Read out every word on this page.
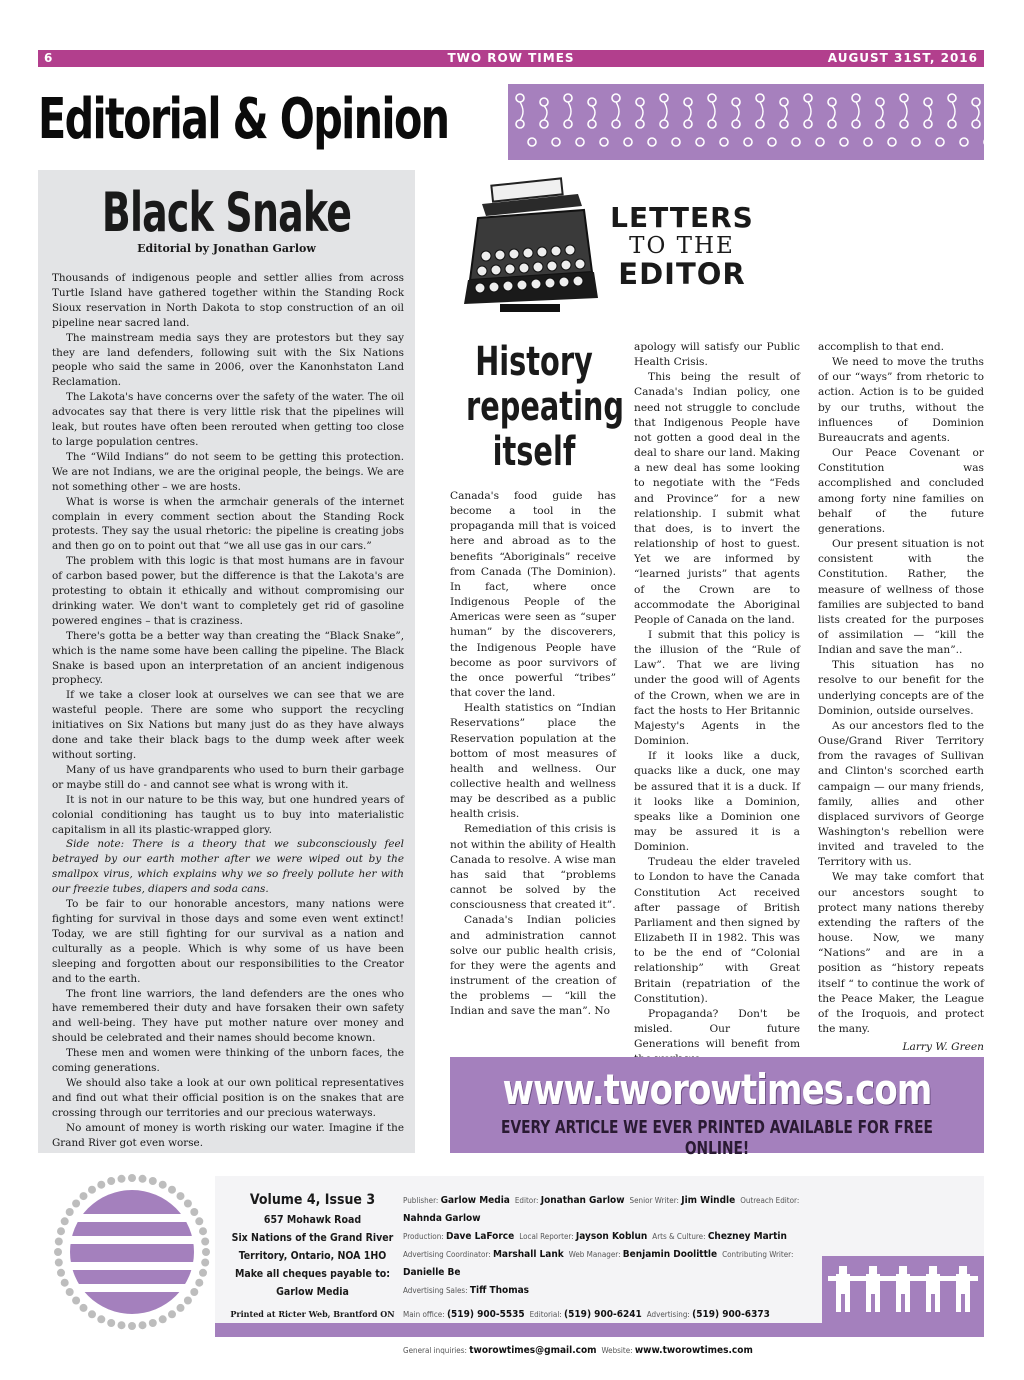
6	TWO ROW TIMES	AUGUST 31ST, 2016
Editorial & Opinion
Black Snake
Editorial by Jonathan Garlow

Thousands of indigenous people and settler allies from across Turtle Island have gathered together within the Standing Rock Sioux reservation in North Dakota to stop construction of an oil pipeline near sacred land.

The mainstream media says they are protestors but they say they are land defenders, following suit with the Six Nations people who said the same in 2006, over the Kanonhstaton Land Reclamation.

The Lakota's have concerns over the safety of the water. The oil advocates say that there is very little risk that the pipelines will leak, but routes have often been rerouted when getting too close to large population centres.

The “Wild Indians” do not seem to be getting this protection. We are not Indians, we are the original people, the beings. We are not something other – we are hosts.

What is worse is when the armchair generals of the internet complain in every comment section about the Standing Rock protests. They say the usual rhetoric: the pipeline is creating jobs and then go on to point out that “we all use gas in our cars.”

The problem with this logic is that most humans are in favour of carbon based power, but the difference is that the Lakota's are protesting to obtain it ethically and without compromising our drinking water. We don't want to completely get rid of gasoline powered engines – that is craziness.

There's gotta be a better way than creating the “Black Snake”, which is the name some have been calling the pipeline. The Black Snake is based upon an interpretation of an ancient indigenous prophecy.

If we take a closer look at ourselves we can see that we are wasteful people. There are some who support the recycling initiatives on Six Nations but many just do as they have always done and take their black bags to the dump week after week without sorting.

Many of us have grandparents who used to burn their garbage or maybe still do - and cannot see what is wrong with it.

It is not in our nature to be this way, but one hundred years of colonial conditioning has taught us to buy into materialistic capitalism in all its plastic-wrapped glory.

Side note: There is a theory that we subconsciously feel betrayed by our earth mother after we were wiped out by the smallpox virus, which explains why we so freely pollute her with our freezie tubes, diapers and soda cans.

To be fair to our honorable ancestors, many nations were fighting for survival in those days and some even went extinct! Today, we are still fighting for our survival as a nation and culturally as a people. Which is why some of us have been sleeping and forgotten about our responsibilities to the Creator and to the earth.

The front line warriors, the land defenders are the ones who have remembered their duty and have forsaken their own safety and well-being. They have put mother nature over money and should be celebrated and their names should become known.

These men and women were thinking of the unborn faces, the coming generations.

We should also take a look at our own political representatives and find out what their official position is on the snakes that are crossing through our territories and our precious waterways.

No amount of money is worth risking our water. Imagine if the Grand River got even worse.

LETTERS
TO THE
EDITOR
History repeating itself

Canada's food guide has become a tool in the propaganda mill that is voiced here and abroad as to the benefits “Aboriginals” receive from Canada (The Dominion). In fact, where once Indigenous People of the Americas were seen as “super human” by the discoverers, the Indigenous People have become as poor survivors of the once powerful “tribes” that cover the land.

Health statistics on “Indian Reservations” place the Reservation population at the bottom of most measures of health and wellness. Our collective health and wellness may be described as a public health crisis.

Remediation of this crisis is not within the ability of Health Canada to resolve. A wise man has said that “problems cannot be solved by the consciousness that created it”.

Canada's Indian policies and administration cannot solve our public health crisis, for they were the agents and instrument of the creation of the problems — “kill the Indian and save the man”. No

apology will satisfy our Public Health Crisis.

This being the result of Canada's Indian policy, one need not struggle to conclude that Indigenous People have not gotten a good deal in the deal to share our land. Making a new deal has some looking to negotiate with the “Feds and Province” for a new relationship. I submit what that does, is to invert the relationship of host to guest. Yet we are informed by “learned jurists” that agents of the Crown are to accommodate the Aboriginal People of Canada on the land.

I submit that this policy is the illusion of the “Rule of Law”. That we are living under the good will of Agents of the Crown, when we are in fact the hosts to Her Britannic Majesty's Agents in the Dominion.

If it looks like a duck, quacks like a duck, one may be assured that it is a duck. If it looks like a Dominion, speaks like a Dominion one may be assured it is a Dominion.

Trudeau the elder traveled to London to have the Canada Constitution Act received after passage of British Parliament and then signed by Elizabeth II in 1982. This was to be the end of “Colonial relationship” with Great Britain (repatriation of the Constitution).

Propaganda? Don't be misled. Our future Generations will benefit from

accomplish to that end.

We need to move the truths of our “ways” from rhetoric to action. Action is to be guided by our truths, without the influences of Dominion Bureaucrats and agents.

Our Peace Covenant or Constitution was accomplished and concluded among forty nine families on behalf of the future generations.

Our present situation is not consistent with the Constitution. Rather, the measure of wellness of those families are subjected to band lists created for the purposes of assimilation — “kill the Indian and save the man”..

This situation has no resolve to our benefit for the underlying concepts are of the Dominion, outside ourselves.

As our ancestors fled to the Ouse/Grand River Territory from the ravages of Sullivan and Clinton's scorched earth campaign — our many friends, family, allies and other displaced survivors of George Washington's rebellion were invited and traveled to the Territory with us.

We may take comfort that our ancestors sought to protect many nations thereby extending the rafters of the house. Now, we many “Nations” and are in a position as “history repeats itself “ to continue the work of the Peace Maker, the League of the Iroquois, and protect the many.

Larry W. Green

www.tworowtimes.com
EVERY ARTICLE WE EVER PRINTED AVAILABLE FOR FREE ONLINE!
Volume 4, Issue 3
657 Mohawk Road
Six Nations of the Grand River
Territory, Ontario, NOA 1HO
Make all cheques payable to:
Garlow Media
Printed at Ricter Web, Brantford ON
Publisher: Garlow Media Editor: Jonathan Garlow Senior Writer: Jim Windle Outreach Editor: Nahnda Garlow
Production: Dave LaForce Local Reporter: Jayson Koblun Arts & Culture: Chezney Martin
Advertising Coordinator: Marshall Lank Web Manager: Benjamin Doolittle Contributing Writer: Danielle Be
Advertising Sales: Tiff Thomas
Main office: (519) 900-5535 Editorial: (519) 900-6241 Advertising: (519) 900-6373
General inquiries: tworowtimes@gmail.com Website: www.tworowtimes.com
